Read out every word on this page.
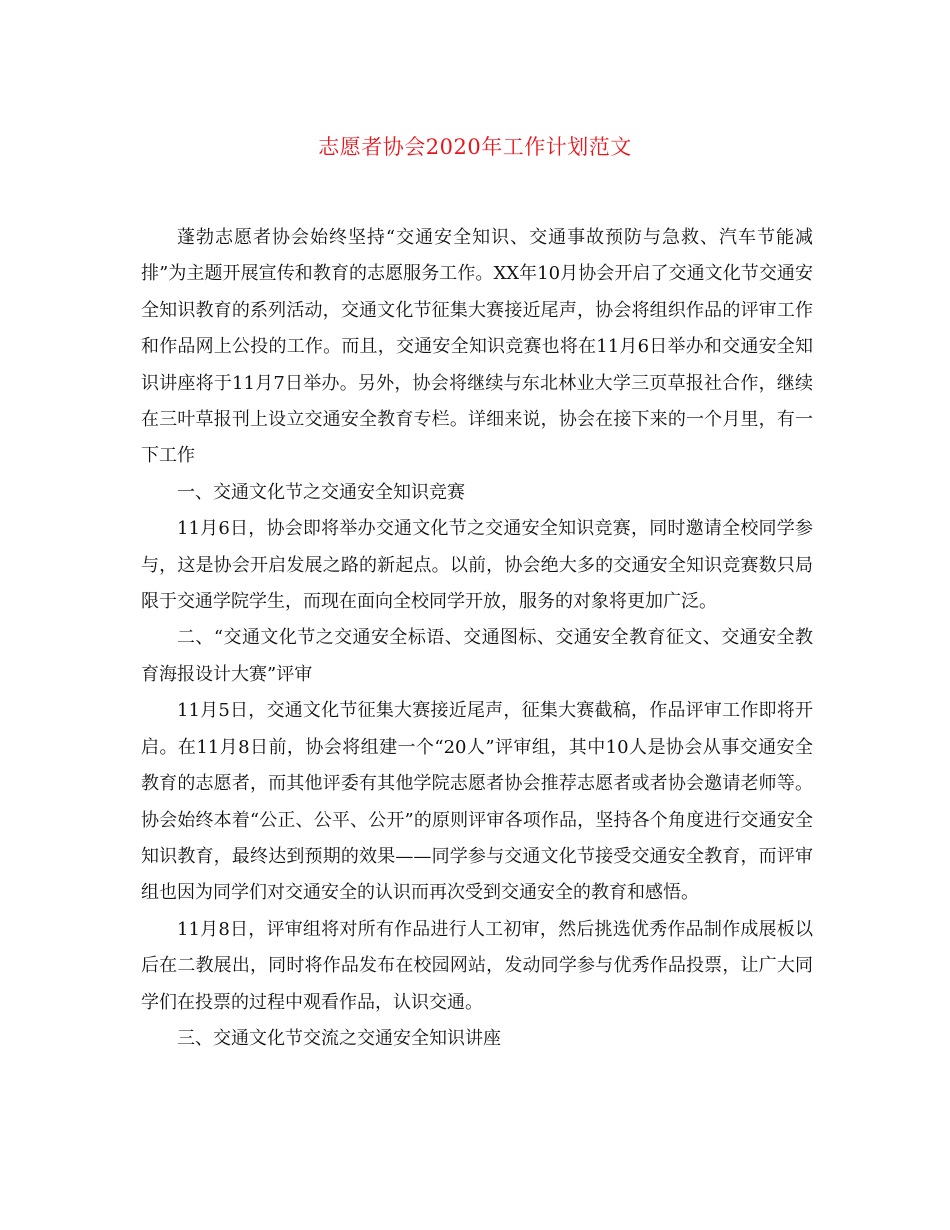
志愿者协会2020年工作计划范文

蓬勃志愿者协会始终坚持“交通安全知识、交通事故预防与急救、汽车节能减排”为主题开展宣传和教育的志愿服务工作。XX年10月协会开启了交通文化节交通安全知识教育的系列活动，交通文化节征集大赛接近尾声，协会将组织作品的评审工作和作品网上公投的工作。而且，交通安全知识竞赛也将在11月6日举办和交通安全知识讲座将于11月7日举办。另外，协会将继续与东北林业大学三页草报社合作，继续在三叶草报刊上设立交通安全教育专栏。详细来说，协会在接下来的一个月里，有一下工作

一、交通文化节之交通安全知识竞赛

11月6日，协会即将举办交通文化节之交通安全知识竞赛，同时邀请全校同学参与，这是协会开启发展之路的新起点。以前，协会绝大多的交通安全知识竞赛数只局限于交通学院学生，而现在面向全校同学开放，服务的对象将更加广泛。

二、“交通文化节之交通安全标语、交通图标、交通安全教育征文、交通安全教育海报设计大赛”评审

11月5日，交通文化节征集大赛接近尾声，征集大赛截稿，作品评审工作即将开启。在11月8日前，协会将组建一个“20人”评审组，其中10人是协会从事交通安全教育的志愿者，而其他评委有其他学院志愿者协会推荐志愿者或者协会邀请老师等。协会始终本着“公正、公平、公开”的原则评审各项作品，坚持各个角度进行交通安全知识教育，最终达到预期的效果——同学参与交通文化节接受交通安全教育，而评审组也因为同学们对交通安全的认识而再次受到交通安全的教育和感悟。

11月8日，评审组将对所有作品进行人工初审，然后挑选优秀作品制作成展板以后在二教展出，同时将作品发布在校园网站，发动同学参与优秀作品投票，让广大同学们在投票的过程中观看作品，认识交通。

三、交通文化节交流之交通安全知识讲座
